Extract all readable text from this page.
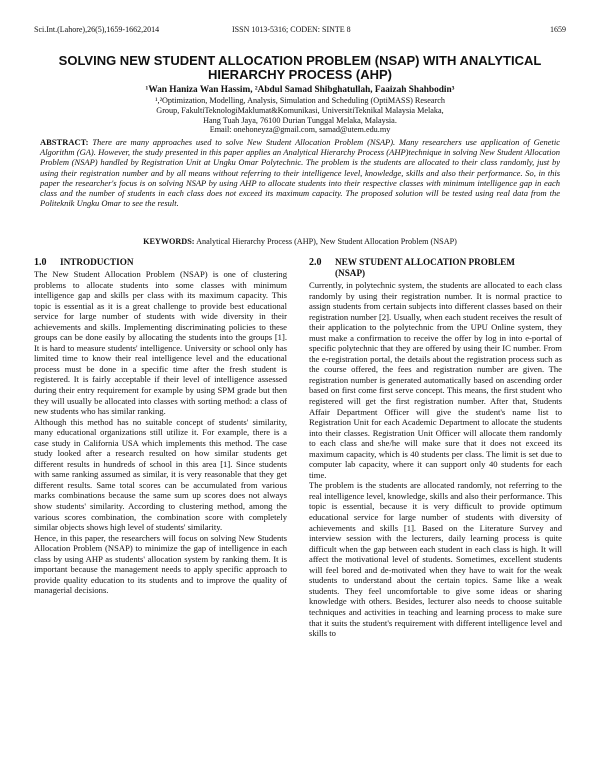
Sci.Int.(Lahore),26(5),1659-1662,2014	ISSN 1013-5316; CODEN: SINTE 8	1659
SOLVING NEW STUDENT ALLOCATION PROBLEM (NSAP) WITH ANALYTICAL HIERARCHY PROCESS (AHP)

¹Wan Haniza Wan Hassim, ²Abdul Samad Shibghatullah, Faaizah Shahbodin³

¹,²Optimization, Modelling, Analysis, Simulation and Scheduling (OptiMASS) Research
Group, FakultiTeknologiMaklumat&Komunikasi, UniversitiTeknikal Malaysia Melaka,
Hang Tuah Jaya, 76100 Durian Tunggal Melaka, Malaysia.
Email: onehoneyza@gmail.com, samad@utem.edu.my

ABSTRACT: There are many approaches used to solve New Student Allocation Problem (NSAP). Many researchers use application of Genetic Algorithm (GA). However, the study presented in this paper applies an Analytical Hierarchy Process (AHP)technique in solving New Student Allocation Problem (NSAP) handled by Registration Unit at Ungku Omar Polytechnic. The problem is the students are allocated to their class randomly, just by using their registration number and by all means without referring to their intelligence level, knowledge, skills and also their performance. So, in this paper the researcher's focus is on solving NSAP by using AHP to allocate students into their respective classes with minimum intelligence gap in each class and the number of students in each class does not exceed its maximum capacity. The proposed solution will be tested using real data from the Politeknik Ungku Omar to see the result.

KEYWORDS: Analytical Hierarchy Process (AHP), New Student Allocation Problem (NSAP)

1.0	INTRODUCTION

The New Student Allocation Problem (NSAP) is one of clustering problems to allocate students into some classes with minimum intelligence gap and skills per class with its maximum capacity. This topic is essential as it is a great challenge to provide best educational service for large number of students with wide diversity in their achievements and skills. Implementing discriminating policies to these groups can be done easily by allocating the students into the groups [1]. It is hard to measure students' intelligence. University or school only has limited time to know their real intelligence level and the educational process must be done in a specific time after the fresh student is registered. It is fairly acceptable if their level of intelligence assessed during their entry requirement for example by using SPM grade but then they will usually be allocated into classes with sorting method: a class of new students who has similar ranking.

Although this method has no suitable concept of students' similarity, many educational organizations still utilize it. For example, there is a case study in California USA which implements this method. The case study looked after a research resulted on how similar students get different results in hundreds of school in this area [1]. Since students with same ranking assumed as similar, it is very reasonable that they get different results. Same total scores can be accumulated from various marks combinations because the same sum up scores does not always show students' similarity. According to clustering method, among the various scores combination, the combination score with completely similar objects shows high level of students' similarity.

Hence, in this paper, the researchers will focus on solving New Students Allocation Problem (NSAP) to minimize the gap of intelligence in each class by using AHP as students' allocation system by ranking them. It is important because the management needs to apply specific approach to provide quality education to its students and to improve the quality of managerial decisions.

2.0	NEW STUDENT ALLOCATION PROBLEM
(NSAP)

Currently, in polytechnic system, the students are allocated to each class randomly by using their registration number. It is normal practice to assign students from certain subjects into different classes based on their registration number [2]. Usually, when each student receives the result of their application to the polytechnic from the UPU Online system, they must make a confirmation to receive the offer by log in into e-portal of specific polytechnic that they are offered by using their IC number. From the e-registration portal, the details about the registration process such as the course offered, the fees and registration number are given. The registration number is generated automatically based on ascending order based on first come first serve concept. This means, the first student who registered will get the first registration number. After that, Students Affair Department Officer will give the student's name list to Registration Unit for each Academic Department to allocate the students into their classes. Registration Unit Officer will allocate them randomly to each class and she/he will make sure that it does not exceed its maximum capacity, which is 40 students per class. The limit is set due to computer lab capacity, where it can support only 40 students for each time.

The problem is the students are allocated randomly, not referring to the real intelligence level, knowledge, skills and also their performance. This topic is essential, because it is very difficult to provide optimum educational service for large number of students with diversity of achievements and skills [1]. Based on the Literature Survey and interview session with the lecturers, daily learning process is quite difficult when the gap between each student in each class is high. It will affect the motivational level of students. Sometimes, excellent students will feel bored and de-motivated when they have to wait for the weak students to understand about the certain topics. Same like a weak students. They feel uncomfortable to give some ideas or sharing knowledge with others. Besides, lecturer also needs to choose suitable techniques and activities in teaching and learning process to make sure that it suits the student's requirement with different intelligence level and skills to
